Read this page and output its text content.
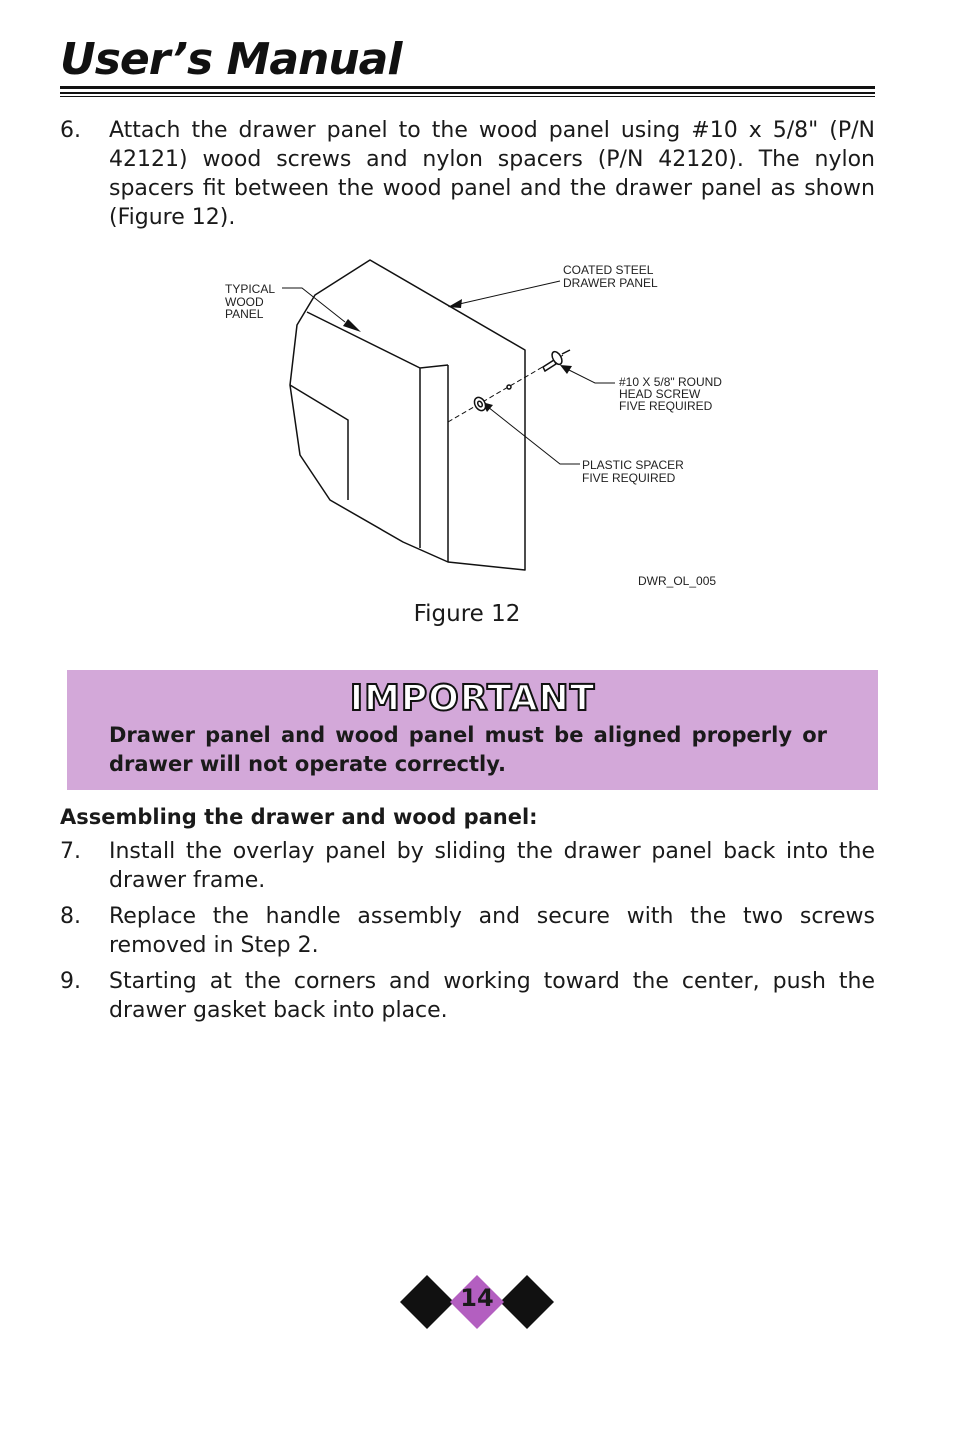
User’s Manual
6. Attach the drawer panel to the wood panel using #10 x 5/8" (P/N 42121) wood screws and nylon spacers (P/N 42120). The nylon spacers fit between the wood panel and the drawer panel as shown (Figure 12).
TYPICAL
WOOD
PANEL
COATED STEEL
DRAWER PANEL
#10 X 5/8" ROUND
HEAD SCREW
FIVE REQUIRED
PLASTIC SPACER
FIVE REQUIRED
DWR_OL_005
Figure 12
IMPORTANT

Drawer panel and wood panel must be aligned properly or drawer will not operate correctly.

Assembling the drawer and wood panel:
7. Install the overlay panel by sliding the drawer panel back into the drawer frame.
8. Replace the handle assembly and secure with the two screws removed in Step 2.
9. Starting at the corners and working toward the center, push the drawer gasket back into place.
14
